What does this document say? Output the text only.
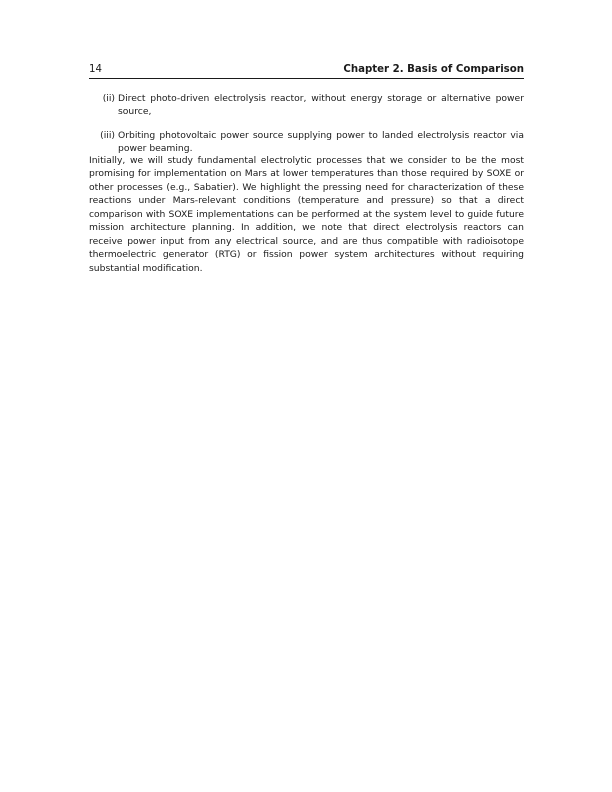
14	Chapter 2. Basis of Comparison
(ii) Direct photo-driven electrolysis reactor, without energy storage or alternative power source,
(iii) Orbiting photovoltaic power source supplying power to landed electrolysis reactor via power beaming.

Initially, we will study fundamental electrolytic processes that we consider to be the most promising for implementation on Mars at lower temperatures than those required by SOXE or other processes (e.g., Sabatier). We highlight the pressing need for characterization of these reactions under Mars-relevant conditions (temperature and pressure) so that a direct comparison with SOXE implementations can be performed at the system level to guide future mission architecture planning. In addition, we note that direct electrolysis reactors can receive power input from any electrical source, and are thus compatible with radioisotope thermoelectric generator (RTG) or fission power system architectures without requiring substantial modification.
